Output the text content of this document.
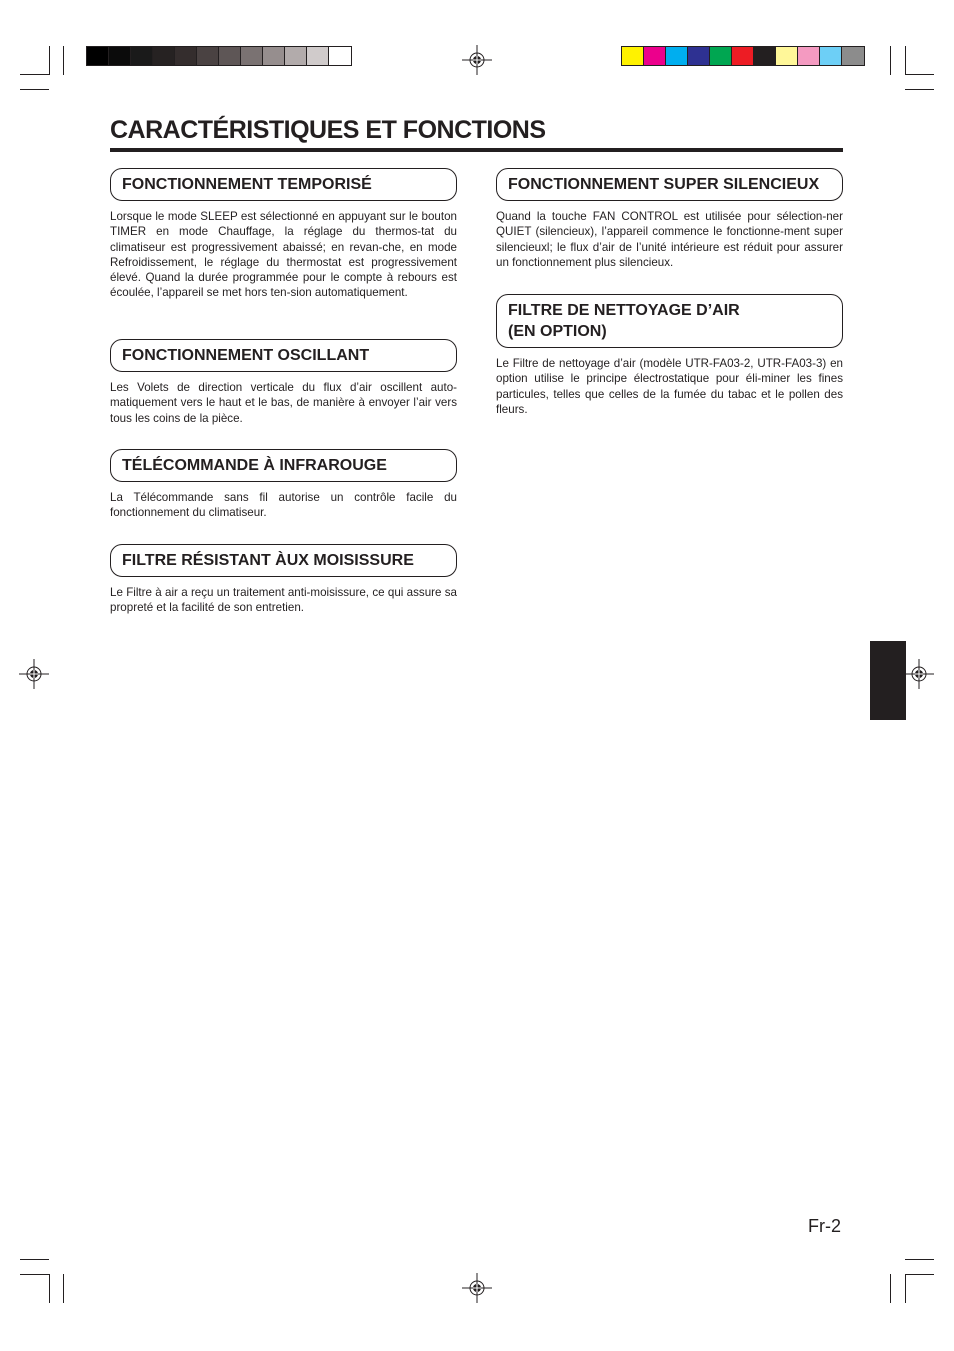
CARACTÉRISTIQUES ET FONCTIONS
FONCTIONNEMENT TEMPORISÉ
Lorsque le mode SLEEP est sélectionné en appuyant sur le bouton TIMER en mode Chauffage, la réglage du thermos-tat du climatiseur est progressivement abaissé; en revan-che, en mode Refroidissement, le réglage du thermostat est progressivement élevé. Quand la durée programmée pour le compte à rebours est écoulée, l’appareil se met hors ten-sion automatiquement.
FONCTIONNEMENT OSCILLANT
Les Volets de direction verticale du flux d’air oscillent auto-matiquement vers le haut et le bas, de manière à envoyer l’air vers tous les coins de la pièce.
TÉLÉCOMMANDE À INFRAROUGE
La Télécommande sans fil autorise un contrôle facile du fonctionnement du climatiseur.
FILTRE RÉSISTANT ÀUX MOISISSURE
Le Filtre à air a reçu un traitement anti-moisissure, ce qui assure sa propreté et la facilité de son entretien.
FONCTIONNEMENT SUPER SILENCIEUX
Quand la touche FAN CONTROL est utilisée pour sélection-ner QUIET (silencieux), l’appareil commence le fonctionne-ment super silencieuxl; le flux d’air de l’unité intérieure est réduit pour assurer un fonctionnement plus silencieux.
FILTRE DE NETTOYAGE D’AIR
(EN OPTION)
Le Filtre de nettoyage d’air (modèle UTR-FA03-2, UTR-FA03-3) en option utilise le principe électrostatique pour éli-miner les fines particules, telles que celles de la fumée du tabac et le pollen des fleurs.
Fr-2
